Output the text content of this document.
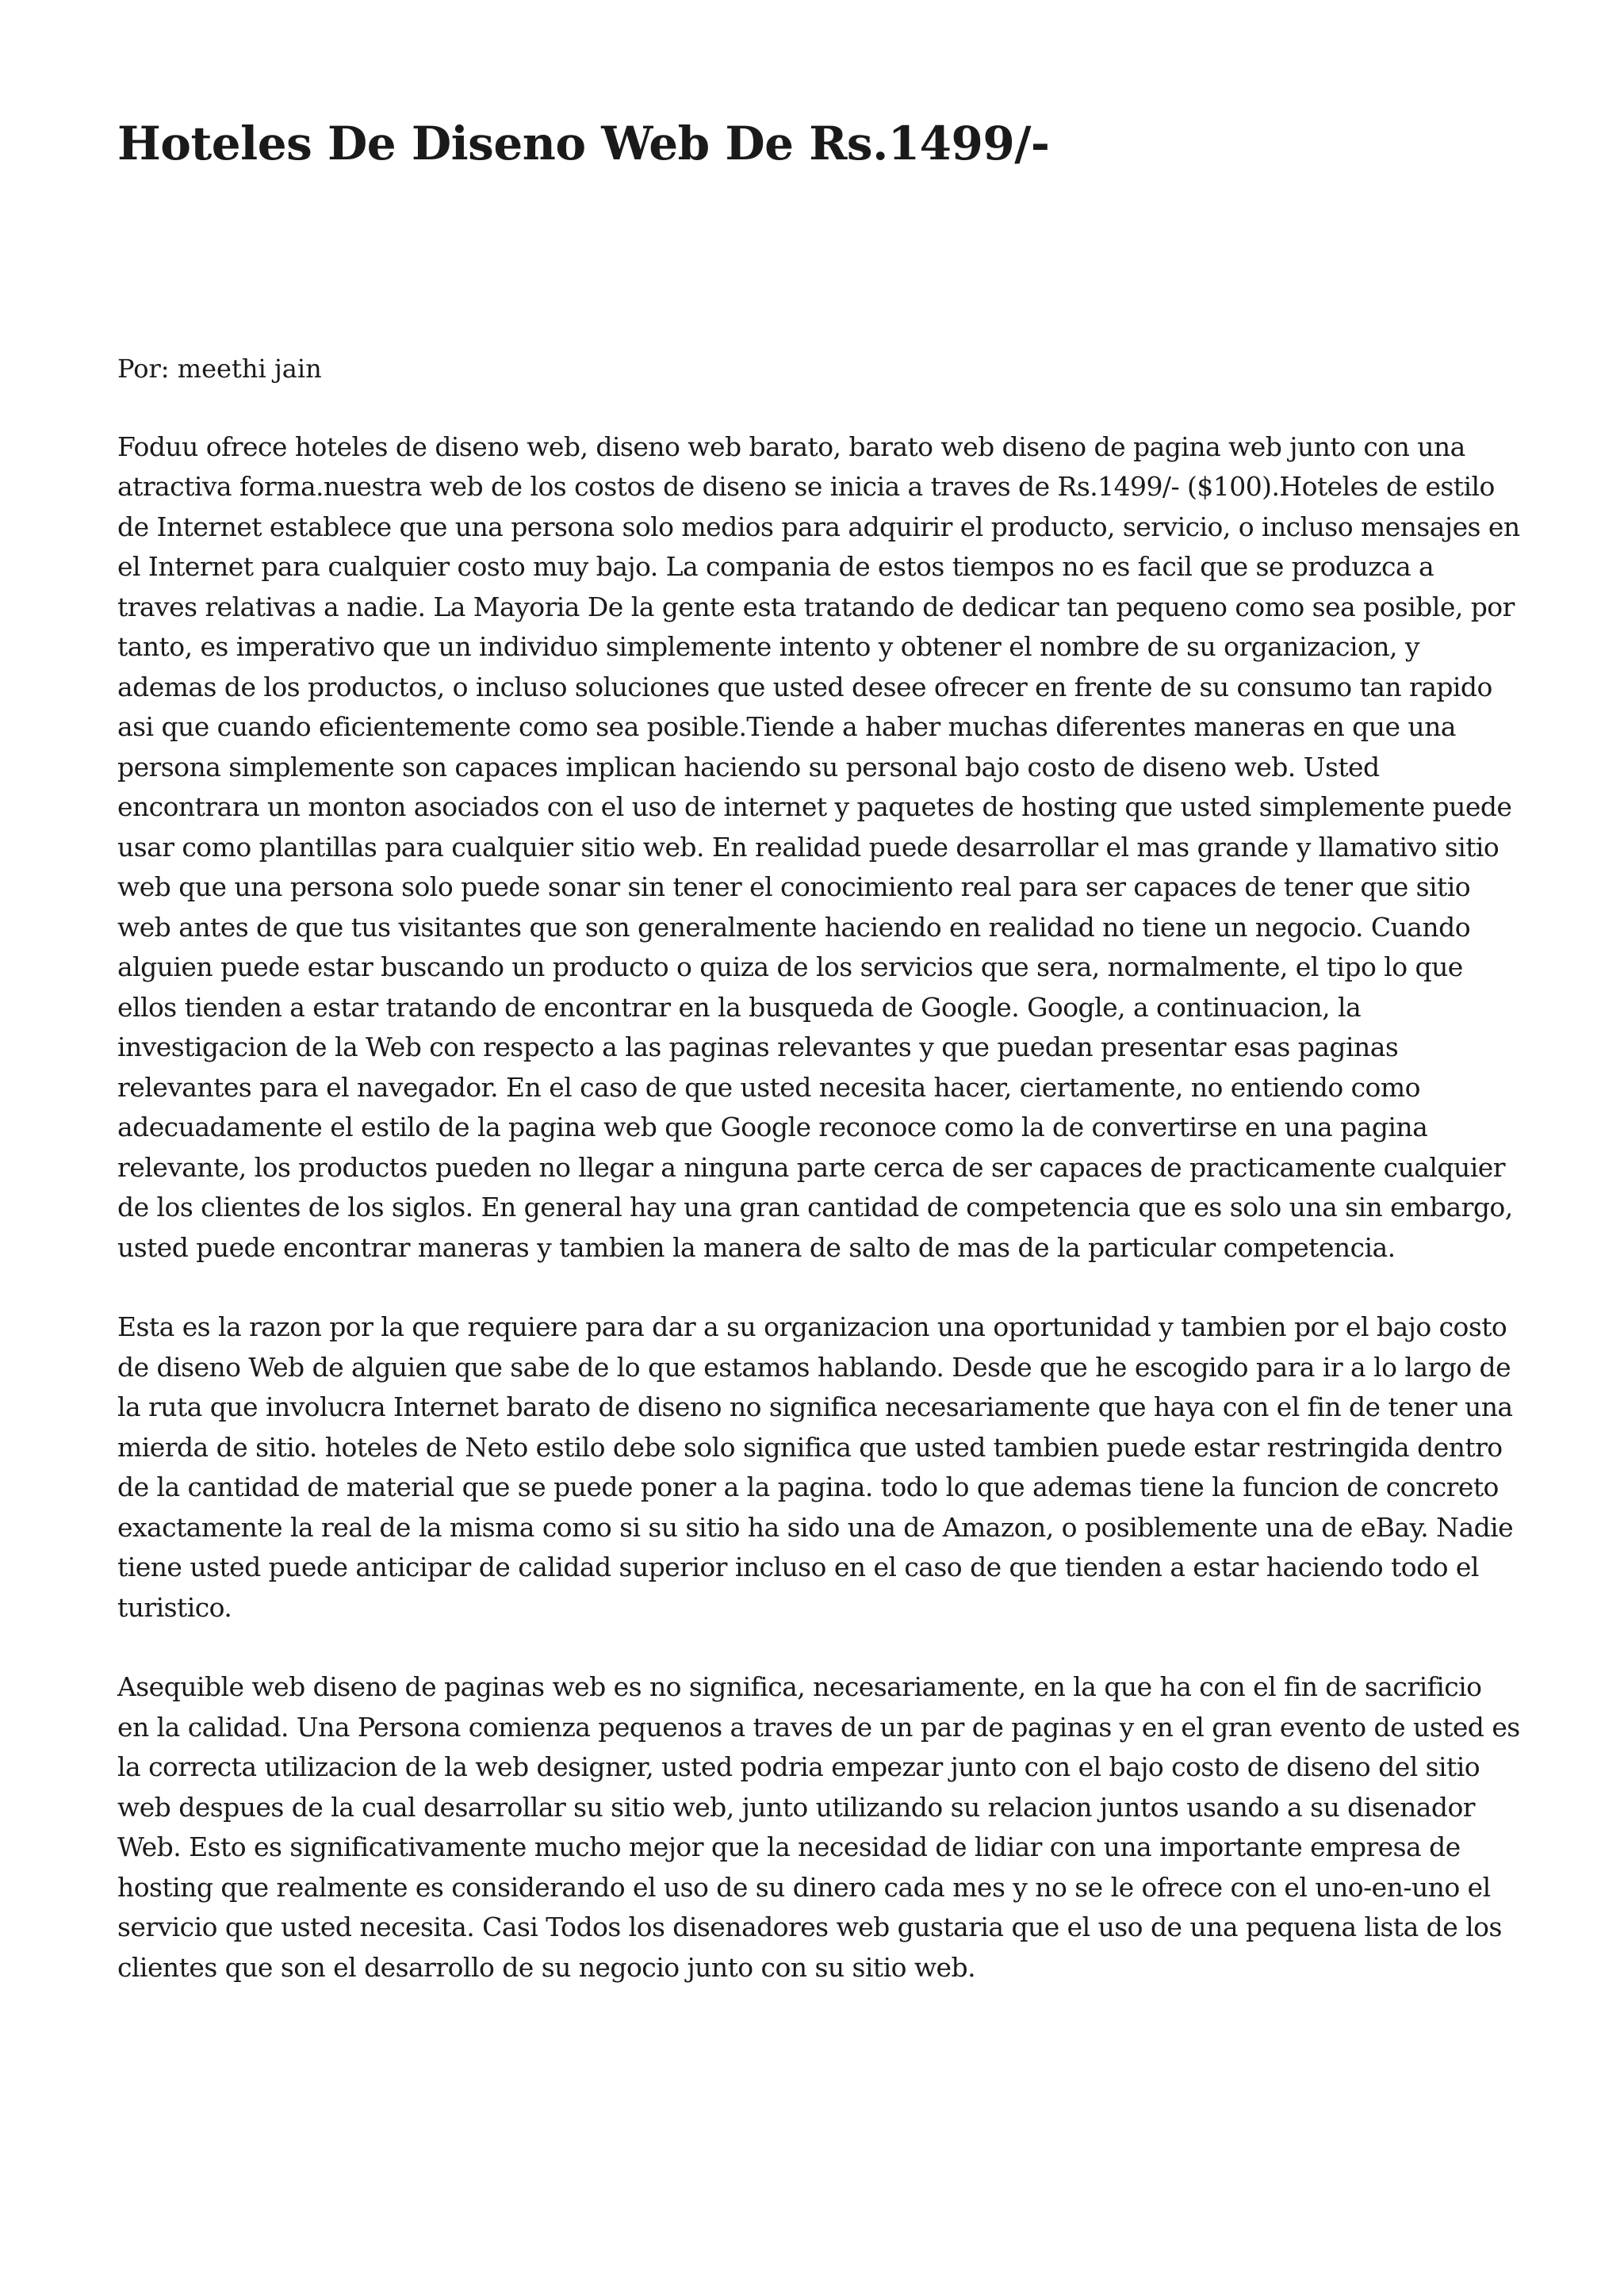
Hoteles De Diseno Web De Rs.1499/-
Por: meethi jain

Foduu ofrece hoteles de diseno web, diseno web barato, barato web diseno de pagina web junto con una atractiva forma.nuestra web de los costos de diseno se inicia a traves de Rs.1499/- ($100).Hoteles de estilo de Internet establece que una persona solo medios para adquirir el producto, servicio, o incluso mensajes en el Internet para cualquier costo muy bajo. La compania de estos tiempos no es facil que se produzca a traves relativas a nadie. La Mayoria De la gente esta tratando de dedicar tan pequeno como sea posible, por tanto, es imperativo que un individuo simplemente intento y obtener el nombre de su organizacion, y ademas de los productos, o incluso soluciones que usted desee ofrecer en frente de su consumo tan rapido asi que cuando eficientemente como sea posible.Tiende a haber muchas diferentes maneras en que una persona simplemente son capaces implican haciendo su personal bajo costo de diseno web. Usted encontrara un monton asociados con el uso de internet y paquetes de hosting que usted simplemente puede usar como plantillas para cualquier sitio web. En realidad puede desarrollar el mas grande y llamativo sitio web que una persona solo puede sonar sin tener el conocimiento real para ser capaces de tener que sitio web antes de que tus visitantes que son generalmente haciendo en realidad no tiene un negocio. Cuando alguien puede estar buscando un producto o quiza de los servicios que sera, normalmente, el tipo lo que ellos tienden a estar tratando de encontrar en la busqueda de Google. Google, a continuacion, la investigacion de la Web con respecto a las paginas relevantes y que puedan presentar esas paginas relevantes para el navegador. En el caso de que usted necesita hacer, ciertamente, no entiendo como adecuadamente el estilo de la pagina web que Google reconoce como la de convertirse en una pagina relevante, los productos pueden no llegar a ninguna parte cerca de ser capaces de practicamente cualquier de los clientes de los siglos. En general hay una gran cantidad de competencia que es solo una sin embargo, usted puede encontrar maneras y tambien la manera de salto de mas de la particular competencia.

Esta es la razon por la que requiere para dar a su organizacion una oportunidad y tambien por el bajo costo de diseno Web de alguien que sabe de lo que estamos hablando. Desde que he escogido para ir a lo largo de la ruta que involucra Internet barato de diseno no significa necesariamente que haya con el fin de tener una mierda de sitio. hoteles de Neto estilo debe solo significa que usted tambien puede estar restringida dentro de la cantidad de material que se puede poner a la pagina. todo lo que ademas tiene la funcion de concreto exactamente la real de la misma como si su sitio ha sido una de Amazon, o posiblemente una de eBay. Nadie tiene usted puede anticipar de calidad superior incluso en el caso de que tienden a estar haciendo todo el turistico.

Asequible web diseno de paginas web es no significa, necesariamente, en la que ha con el fin de sacrificio en la calidad. Una Persona comienza pequenos a traves de un par de paginas y en el gran evento de usted es la correcta utilizacion de la web designer, usted podria empezar junto con el bajo costo de diseno del sitio web despues de la cual desarrollar su sitio web, junto utilizando su relacion juntos usando a su disenador Web. Esto es significativamente mucho mejor que la necesidad de lidiar con una importante empresa de hosting que realmente es considerando el uso de su dinero cada mes y no se le ofrece con el uno-en-uno el servicio que usted necesita. Casi Todos los disenadores web gustaria que el uso de una pequena lista de los clientes que son el desarrollo de su negocio junto con su sitio web.
